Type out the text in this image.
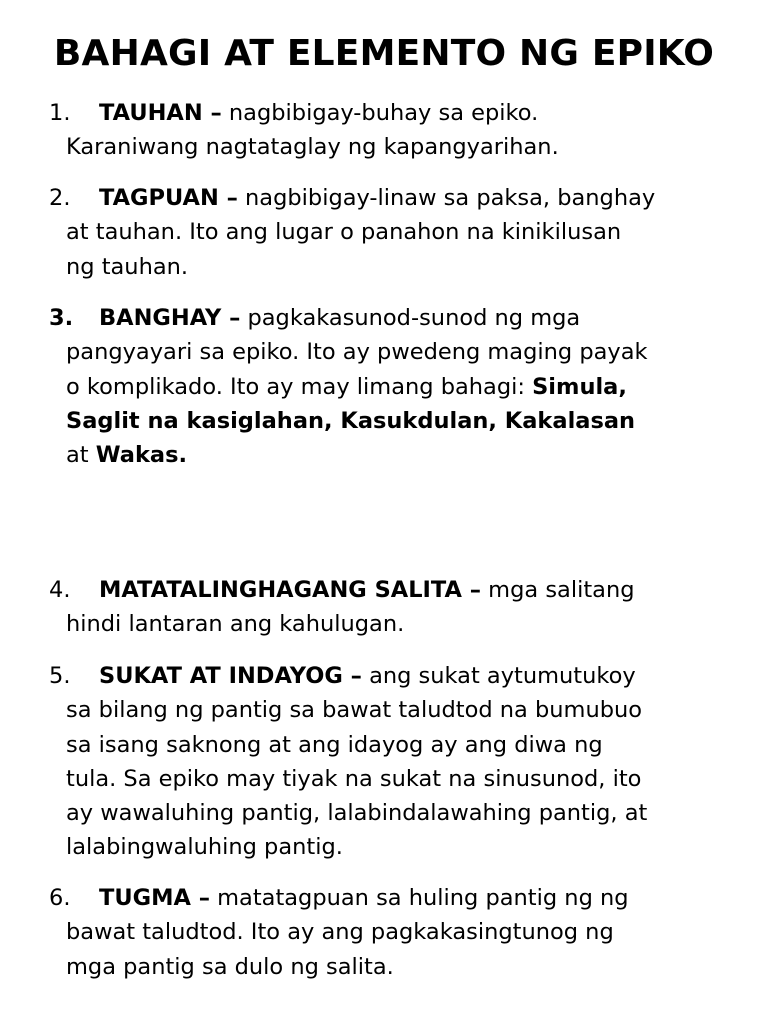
BAHAGI AT ELEMENTO NG EPIKO
1. TAUHAN – nagbibigay-buhay sa epiko.
Karaniwang nagtataglay ng kapangyarihan.
2. TAGPUAN – nagbibigay-linaw sa paksa, banghay
at tauhan. Ito ang lugar o panahon na kinikilusan
ng tauhan.
3. BANGHAY – pagkakasunod-sunod ng mga
pangyayari sa epiko. Ito ay pwedeng maging payak
o komplikado. Ito ay may limang bahagi: Simula,
Saglit na kasiglahan, Kasukdulan, Kakalasan
at Wakas.
4. MATATALINGHAGANG SALITA – mga salitang
hindi lantaran ang kahulugan.
5. SUKAT AT INDAYOG – ang sukat aytumutukoy
sa bilang ng pantig sa bawat taludtod na bumubuo
sa isang saknong at ang idayog ay ang diwa ng
tula. Sa epiko may tiyak na sukat na sinusunod, ito
ay wawaluhing pantig, lalabindalawahing pantig, at
lalabingwaluhing pantig.
6. TUGMA – matatagpuan sa huling pantig ng ng
bawat taludtod. Ito ay ang pagkakasingtunog ng
mga pantig sa dulo ng salita.
